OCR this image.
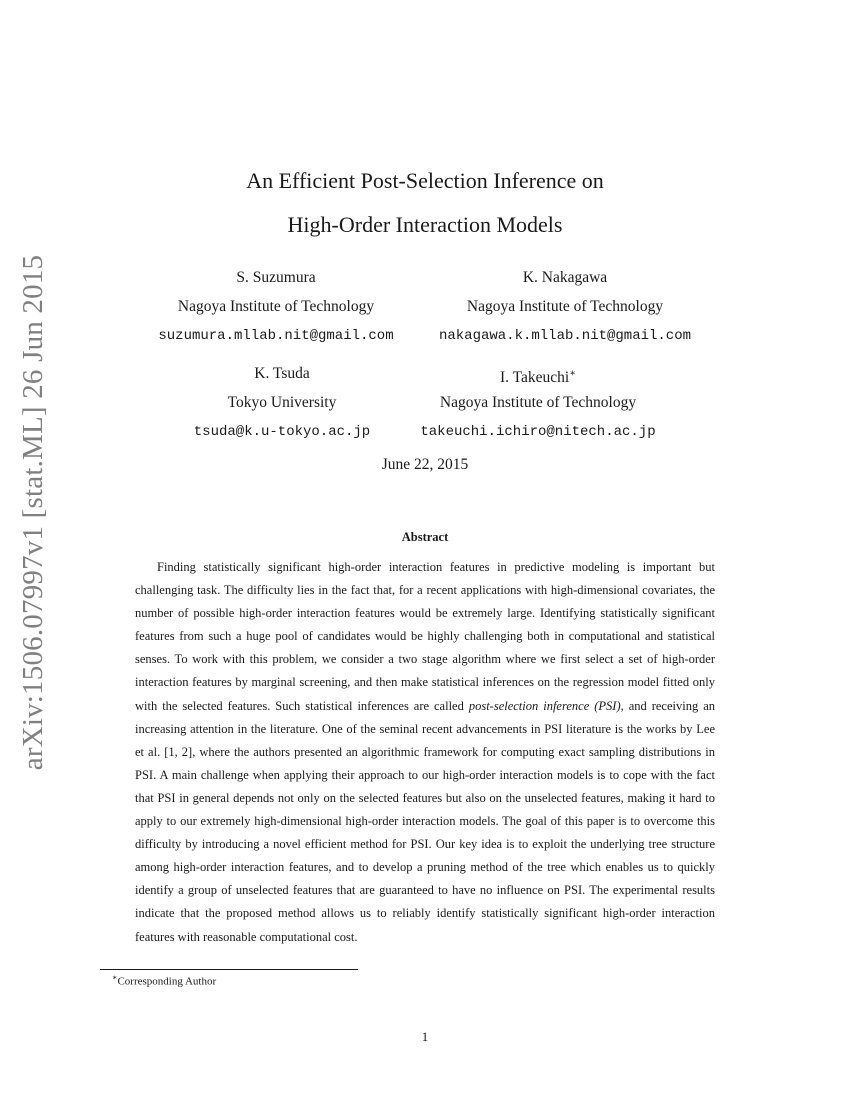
arXiv:1506.07997v1 [stat.ML] 26 Jun 2015
An Efficient Post-Selection Inference on
High-Order Interaction Models
S. Suzumura
Nagoya Institute of Technology
suzumura.mllab.nit@gmail.com
K. Nakagawa
Nagoya Institute of Technology
nakagawa.k.mllab.nit@gmail.com
K. Tsuda
Tokyo University
tsuda@k.u-tokyo.ac.jp
I. Takeuchi∗
Nagoya Institute of Technology
takeuchi.ichiro@nitech.ac.jp
June 22, 2015
Abstract

Finding statistically significant high-order interaction features in predictive modeling is important but challenging task. The difficulty lies in the fact that, for a recent applications with high-dimensional covariates, the number of possible high-order interaction features would be extremely large. Identifying statistically significant features from such a huge pool of candidates would be highly challenging both in computational and statistical senses. To work with this problem, we consider a two stage algorithm where we first select a set of high-order interaction features by marginal screening, and then make statistical inferences on the regression model fitted only with the selected features. Such statistical inferences are called post-selection inference (PSI), and receiving an increasing attention in the literature. One of the seminal recent advancements in PSI literature is the works by Lee et al. [1, 2], where the authors presented an algorithmic framework for computing exact sampling distributions in PSI. A main challenge when applying their approach to our high-order interaction models is to cope with the fact that PSI in general depends not only on the selected features but also on the unselected features, making it hard to apply to our extremely high-dimensional high-order interaction models. The goal of this paper is to overcome this difficulty by introducing a novel efficient method for PSI. Our key idea is to exploit the underlying tree structure among high-order interaction features, and to develop a pruning method of the tree which enables us to quickly identify a group of unselected features that are guaranteed to have no influence on PSI. The experimental results indicate that the proposed method allows us to reliably identify statistically significant high-order interaction features with reasonable computational cost.

∗Corresponding Author
1
